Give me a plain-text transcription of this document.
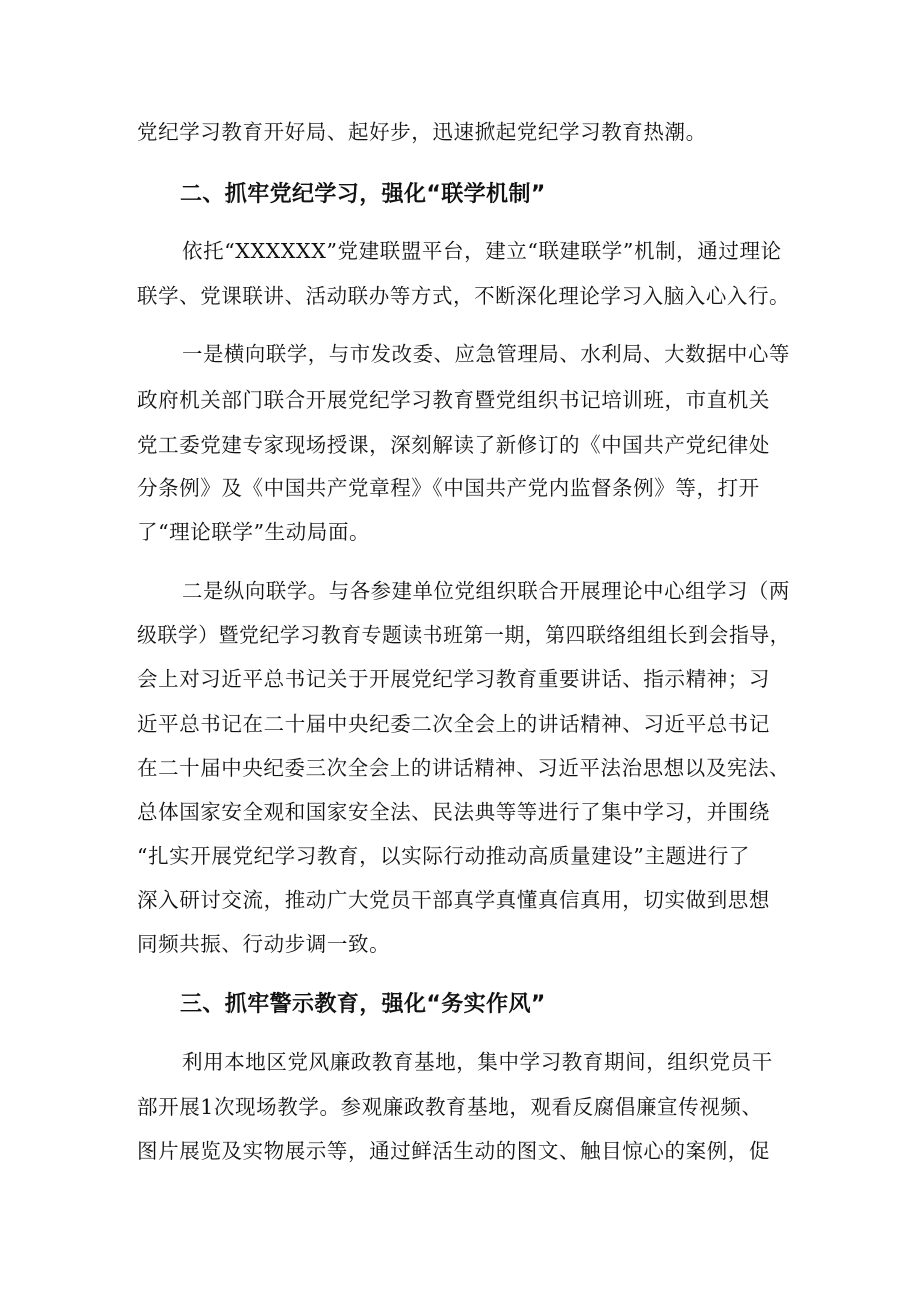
党纪学习教育开好局、起好步，迅速掀起党纪学习教育热潮。
二、抓牢党纪学习，强化“联学机制”
依托“XXXXXX”党建联盟平台，建立“联建联学”机制，通过理论
联学、党课联讲、活动联办等方式，不断深化理论学习入脑入心入行。
一是横向联学，与市发改委、应急管理局、水利局、大数据中心等
政府机关部门联合开展党纪学习教育暨党组织书记培训班，市直机关
党工委党建专家现场授课，深刻解读了新修订的《中国共产党纪律处
分条例》及《中国共产党章程》《中国共产党内监督条例》等，打开
了“理论联学”生动局面。
二是纵向联学。与各参建单位党组织联合开展理论中心组学习（两
级联学）暨党纪学习教育专题读书班第一期，第四联络组组长到会指导，
会上对习近平总书记关于开展党纪学习教育重要讲话、指示精神；习
近平总书记在二十届中央纪委二次全会上的讲话精神、习近平总书记
在二十届中央纪委三次全会上的讲话精神、习近平法治思想以及宪法、
总体国家安全观和国家安全法、民法典等等进行了集中学习，并围绕
“扎实开展党纪学习教育，以实际行动推动高质量建设”主题进行了
深入研讨交流，推动广大党员干部真学真懂真信真用，切实做到思想
同频共振、行动步调一致。
三、抓牢警示教育，强化“务实作风”
利用本地区党风廉政教育基地，集中学习教育期间，组织党员干
部开展1次现场教学。参观廉政教育基地，观看反腐倡廉宣传视频、
图片展览及实物展示等，通过鲜活生动的图文、触目惊心的案例，促
